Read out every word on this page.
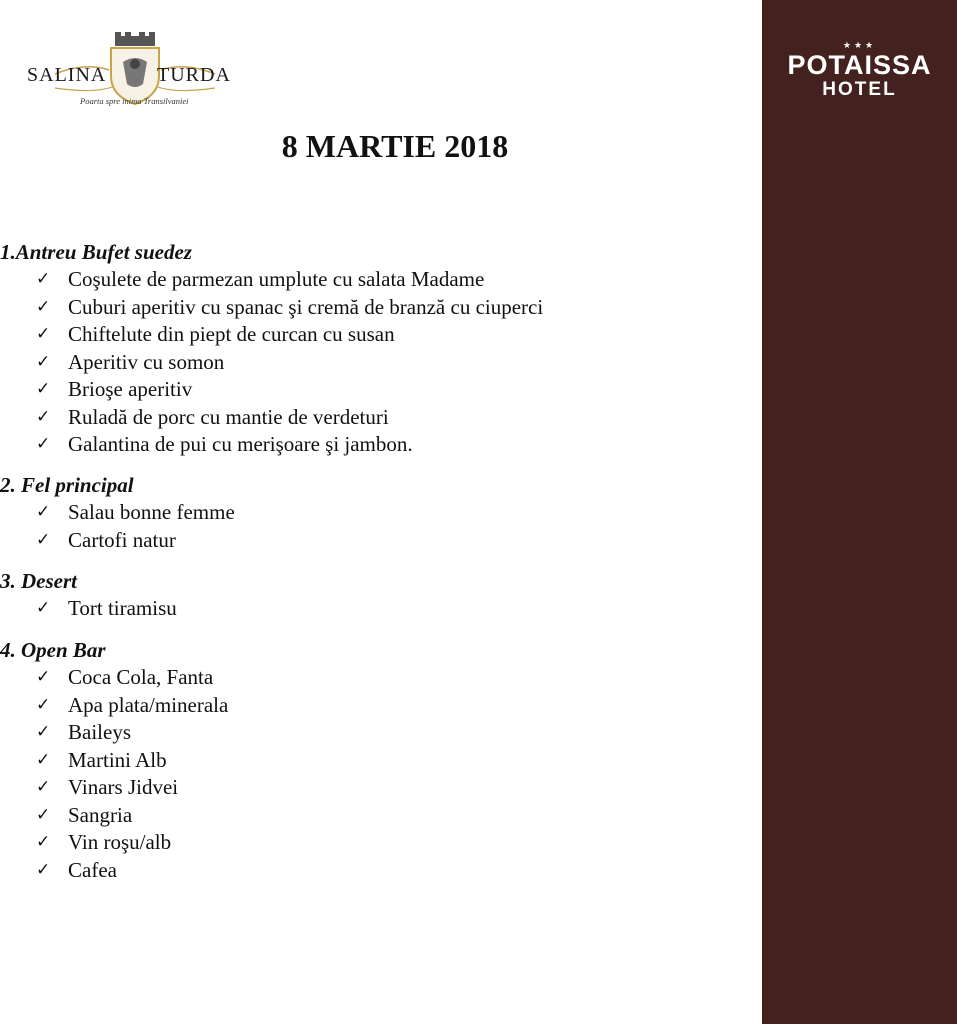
SALINA	TURDA
Poarta spre inima Transilvaniei
★★★
POTAISSA
HOTEL
8 MARTIE 2018
1.Antreu Bufet suedez
✓ Coşulete de parmezan umplute cu salata Madame
✓ Cuburi aperitiv cu spanac şi cremă de branză cu ciuperci
✓ Chiftelute din piept de curcan cu susan
✓ Aperitiv cu somon
✓ Brioşe aperitiv
✓ Ruladă de porc cu mantie de verdeturi
✓ Galantina de pui cu merişoare şi jambon.
2. Fel principal
✓ Salau bonne femme
✓ Cartofi natur
3. Desert
✓ Tort tiramisu
4. Open Bar
✓ Coca Cola, Fanta
✓ Apa plata/minerala
✓ Baileys
✓ Martini Alb
✓ Vinars Jidvei
✓ Sangria
✓ Vin roşu/alb
✓ Cafea
